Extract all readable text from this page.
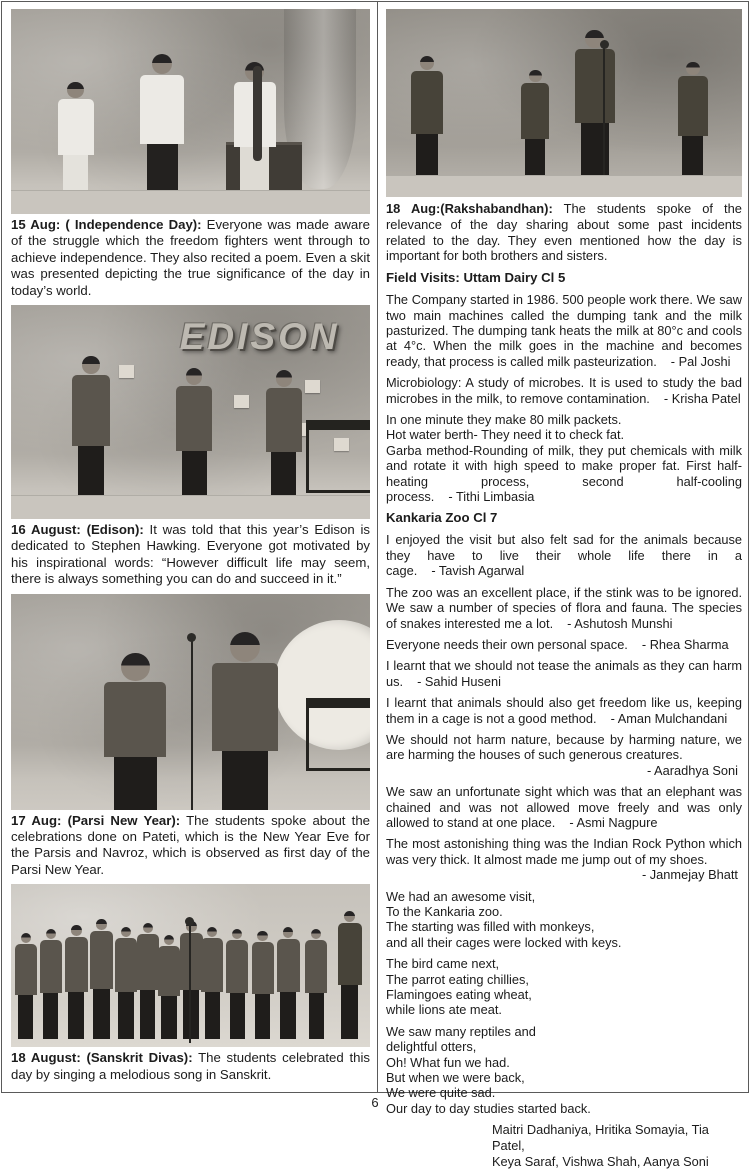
15 Aug: ( Independence Day): Everyone was made aware of the struggle which the freedom fighters went through to achieve independence. They also recited a poem. Even a skit was presented depicting the true significance of the day in today’s world.

EDISON

16 August: (Edison): It was told that this year’s Edison is dedicated to Stephen Hawking. Everyone got motivated by his inspirational words: “However difficult life may seem, there is always something you can do and succeed in it.”

17 Aug: (Parsi New Year): The students spoke about the celebrations done on Pateti, which is the New Year Eve for the Parsis and Navroz, which is observed as first day of the Parsi New Year.

18 August: (Sanskrit Divas): The students celebrated this day by singing a melodious song in Sanskrit.

18 Aug:(Rakshabandhan): The students spoke of the relevance of the day sharing about some past incidents related to the day. They even mentioned how the day is important for both brothers and sisters.

Field Visits: Uttam Dairy Cl 5

The Company started in 1986. 500 people work there. We saw two main machines called the dumping tank and the milk pasturized. The dumping tank heats the milk at 80°c and cools at 4°c. When the milk goes in the machine and becomes ready, that process is called milk pasteurization. - Pal Joshi

Microbiology: A study of microbes. It is used to study the bad microbes in the milk, to remove contamination. - Krisha Patel

In one minute they make 80 milk packets.
Hot water berth- They need it to check fat.

Garba method-Rounding of milk, they put chemicals with milk and rotate it with high speed to make proper fat. First half-heating process, second half-cooling process. - Tithi Limbasia

Kankaria Zoo Cl 7

I enjoyed the visit but also felt sad for the animals because they have to live their whole life there in a cage. - Tavish Agarwal

The zoo was an excellent place, if the stink was to be ignored. We saw a number of species of flora and fauna. The species of snakes interested me a lot. - Ashutosh Munshi

Everyone needs their own personal space. - Rhea Sharma

I learnt that we should not tease the animals as they can harm us. - Sahid Huseni

I learnt that animals should also get freedom like us, keeping them in a cage is not a good method. - Aman Mulchandani

We should not harm nature, because by harming nature, we are harming the houses of such generous creatures.

- Aaradhya Soni

We saw an unfortunate sight which was that an elephant was chained and was not allowed move freely and was only allowed to stand at one place. - Asmi Nagpure

The most astonishing thing was the Indian Rock Python which was very thick. It almost made me jump out of my shoes.

- Janmejay Bhatt
We had an awesome visit,
To the Kankaria zoo.
The starting was filled with monkeys,
and all their cages were locked with keys.
The bird came next,
The parrot eating chillies,
Flamingoes eating wheat,
while lions ate meat.
We saw many reptiles and
delightful otters,
Oh! What fun we had.
But when we were back,
We were quite sad.
Our day to day studies started back.
Maitri Dadhaniya, Hritika Somayia, Tia Patel,
Keya Saraf, Vishwa Shah, Aanya Soni
6
